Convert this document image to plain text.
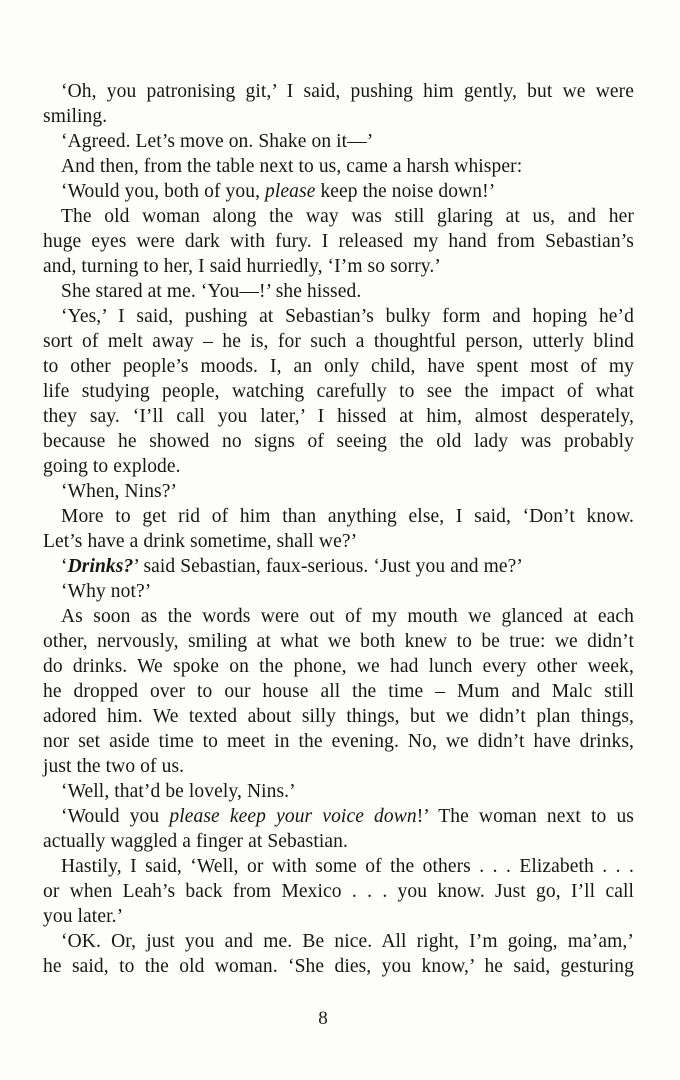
‘Oh, you patronising git,’ I said, pushing him gently, but we were
smiling.
‘Agreed. Let’s move on. Shake on it—’
And then, from the table next to us, came a harsh whisper:
‘Would you, both of you, please keep the noise down!’
The old woman along the way was still glaring at us, and her
huge eyes were dark with fury. I released my hand from Sebastian’s
and, turning to her, I said hurriedly, ‘I’m so sorry.’
She stared at me. ‘You—!’ she hissed.
‘Yes,’ I said, pushing at Sebastian’s bulky form and hoping he’d
sort of melt away – he is, for such a thoughtful person, utterly blind
to other people’s moods. I, an only child, have spent most of my
life studying people, watching carefully to see the impact of what
they say. ‘I’ll call you later,’ I hissed at him, almost desperately,
because he showed no signs of seeing the old lady was probably
going to explode.
‘When, Nins?’
More to get rid of him than anything else, I said, ‘Don’t know.
Let’s have a drink sometime, shall we?’
‘Drinks?’ said Sebastian, faux-serious. ‘Just you and me?’
‘Why not?’
As soon as the words were out of my mouth we glanced at each
other, nervously, smiling at what we both knew to be true: we didn’t
do drinks. We spoke on the phone, we had lunch every other week,
he dropped over to our house all the time – Mum and Malc still
adored him. We texted about silly things, but we didn’t plan things,
nor set aside time to meet in the evening. No, we didn’t have drinks,
just the two of us.
‘Well, that’d be lovely, Nins.’
‘Would you please keep your voice down!’ The woman next to us
actually waggled a finger at Sebastian.
Hastily, I said, ‘Well, or with some of the others . . . Elizabeth . . .
or when Leah’s back from Mexico . . . you know. Just go, I’ll call
you later.’
‘OK. Or, just you and me. Be nice. All right, I’m going, ma’am,’
he said, to the old woman. ‘She dies, you know,’ he said, gesturing
8
